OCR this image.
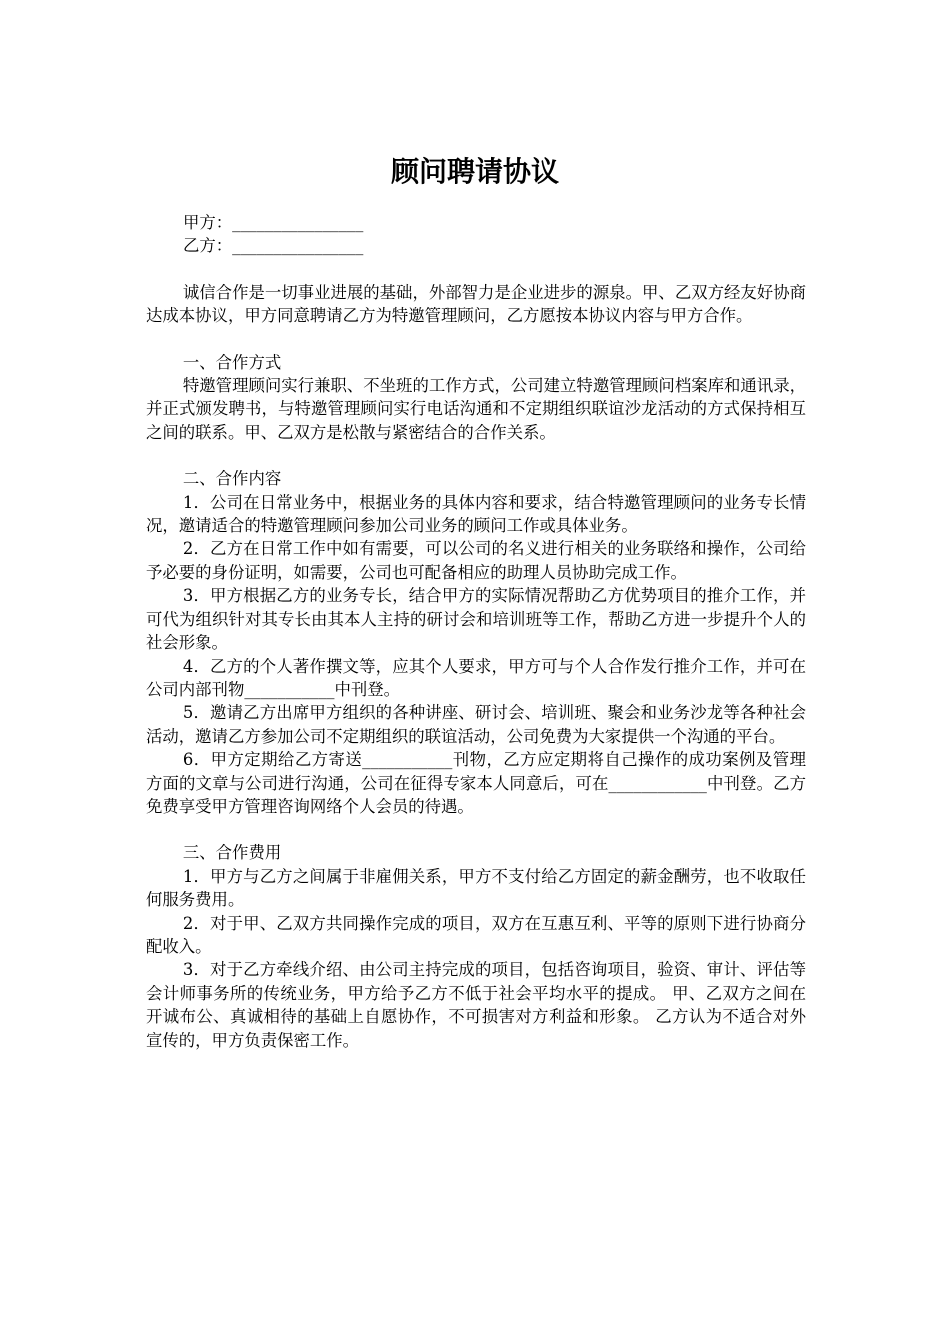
顾问聘请协议

甲方：________________

乙方：________________

诚信合作是一切事业进展的基础，外部智力是企业进步的源泉。甲、乙双方经友好协商达成本协议，甲方同意聘请乙方为特邀管理顾问，乙方愿按本协议内容与甲方合作。

一、合作方式

特邀管理顾问实行兼职、不坐班的工作方式，公司建立特邀管理顾问档案库和通讯录，并正式颁发聘书，与特邀管理顾问实行电话沟通和不定期组织联谊沙龙活动的方式保持相互之间的联系。甲、乙双方是松散与紧密结合的合作关系。

二、合作内容

1．公司在日常业务中，根据业务的具体内容和要求，结合特邀管理顾问的业务专长情况，邀请适合的特邀管理顾问参加公司业务的顾问工作或具体业务。

2．乙方在日常工作中如有需要，可以公司的名义进行相关的业务联络和操作，公司给予必要的身份证明，如需要，公司也可配备相应的助理人员协助完成工作。

3．甲方根据乙方的业务专长，结合甲方的实际情况帮助乙方优势项目的推介工作，并可代为组织针对其专长由其本人主持的研讨会和培训班等工作，帮助乙方进一步提升个人的社会形象。

4．乙方的个人著作撰文等，应其个人要求，甲方可与个人合作发行推介工作，并可在公司内部刊物___________中刊登。

5．邀请乙方出席甲方组织的各种讲座、研讨会、培训班、聚会和业务沙龙等各种社会活动，邀请乙方参加公司不定期组织的联谊活动，公司免费为大家提供一个沟通的平台。

6．甲方定期给乙方寄送___________刊物，乙方应定期将自己操作的成功案例及管理方面的文章与公司进行沟通，公司在征得专家本人同意后，可在____________中刊登。乙方免费享受甲方管理咨询网络个人会员的待遇。

三、合作费用

1．甲方与乙方之间属于非雇佣关系，甲方不支付给乙方固定的薪金酬劳，也不收取任何服务费用。

2．对于甲、乙双方共同操作完成的项目，双方在互惠互利、平等的原则下进行协商分配收入。

3．对于乙方牵线介绍、由公司主持完成的项目，包括咨询项目，验资、审计、评估等会计师事务所的传统业务，甲方给予乙方不低于社会平均水平的提成。 甲、乙双方之间在开诚布公、真诚相待的基础上自愿协作，不可损害对方利益和形象。 乙方认为不适合对外宣传的，甲方负责保密工作。
